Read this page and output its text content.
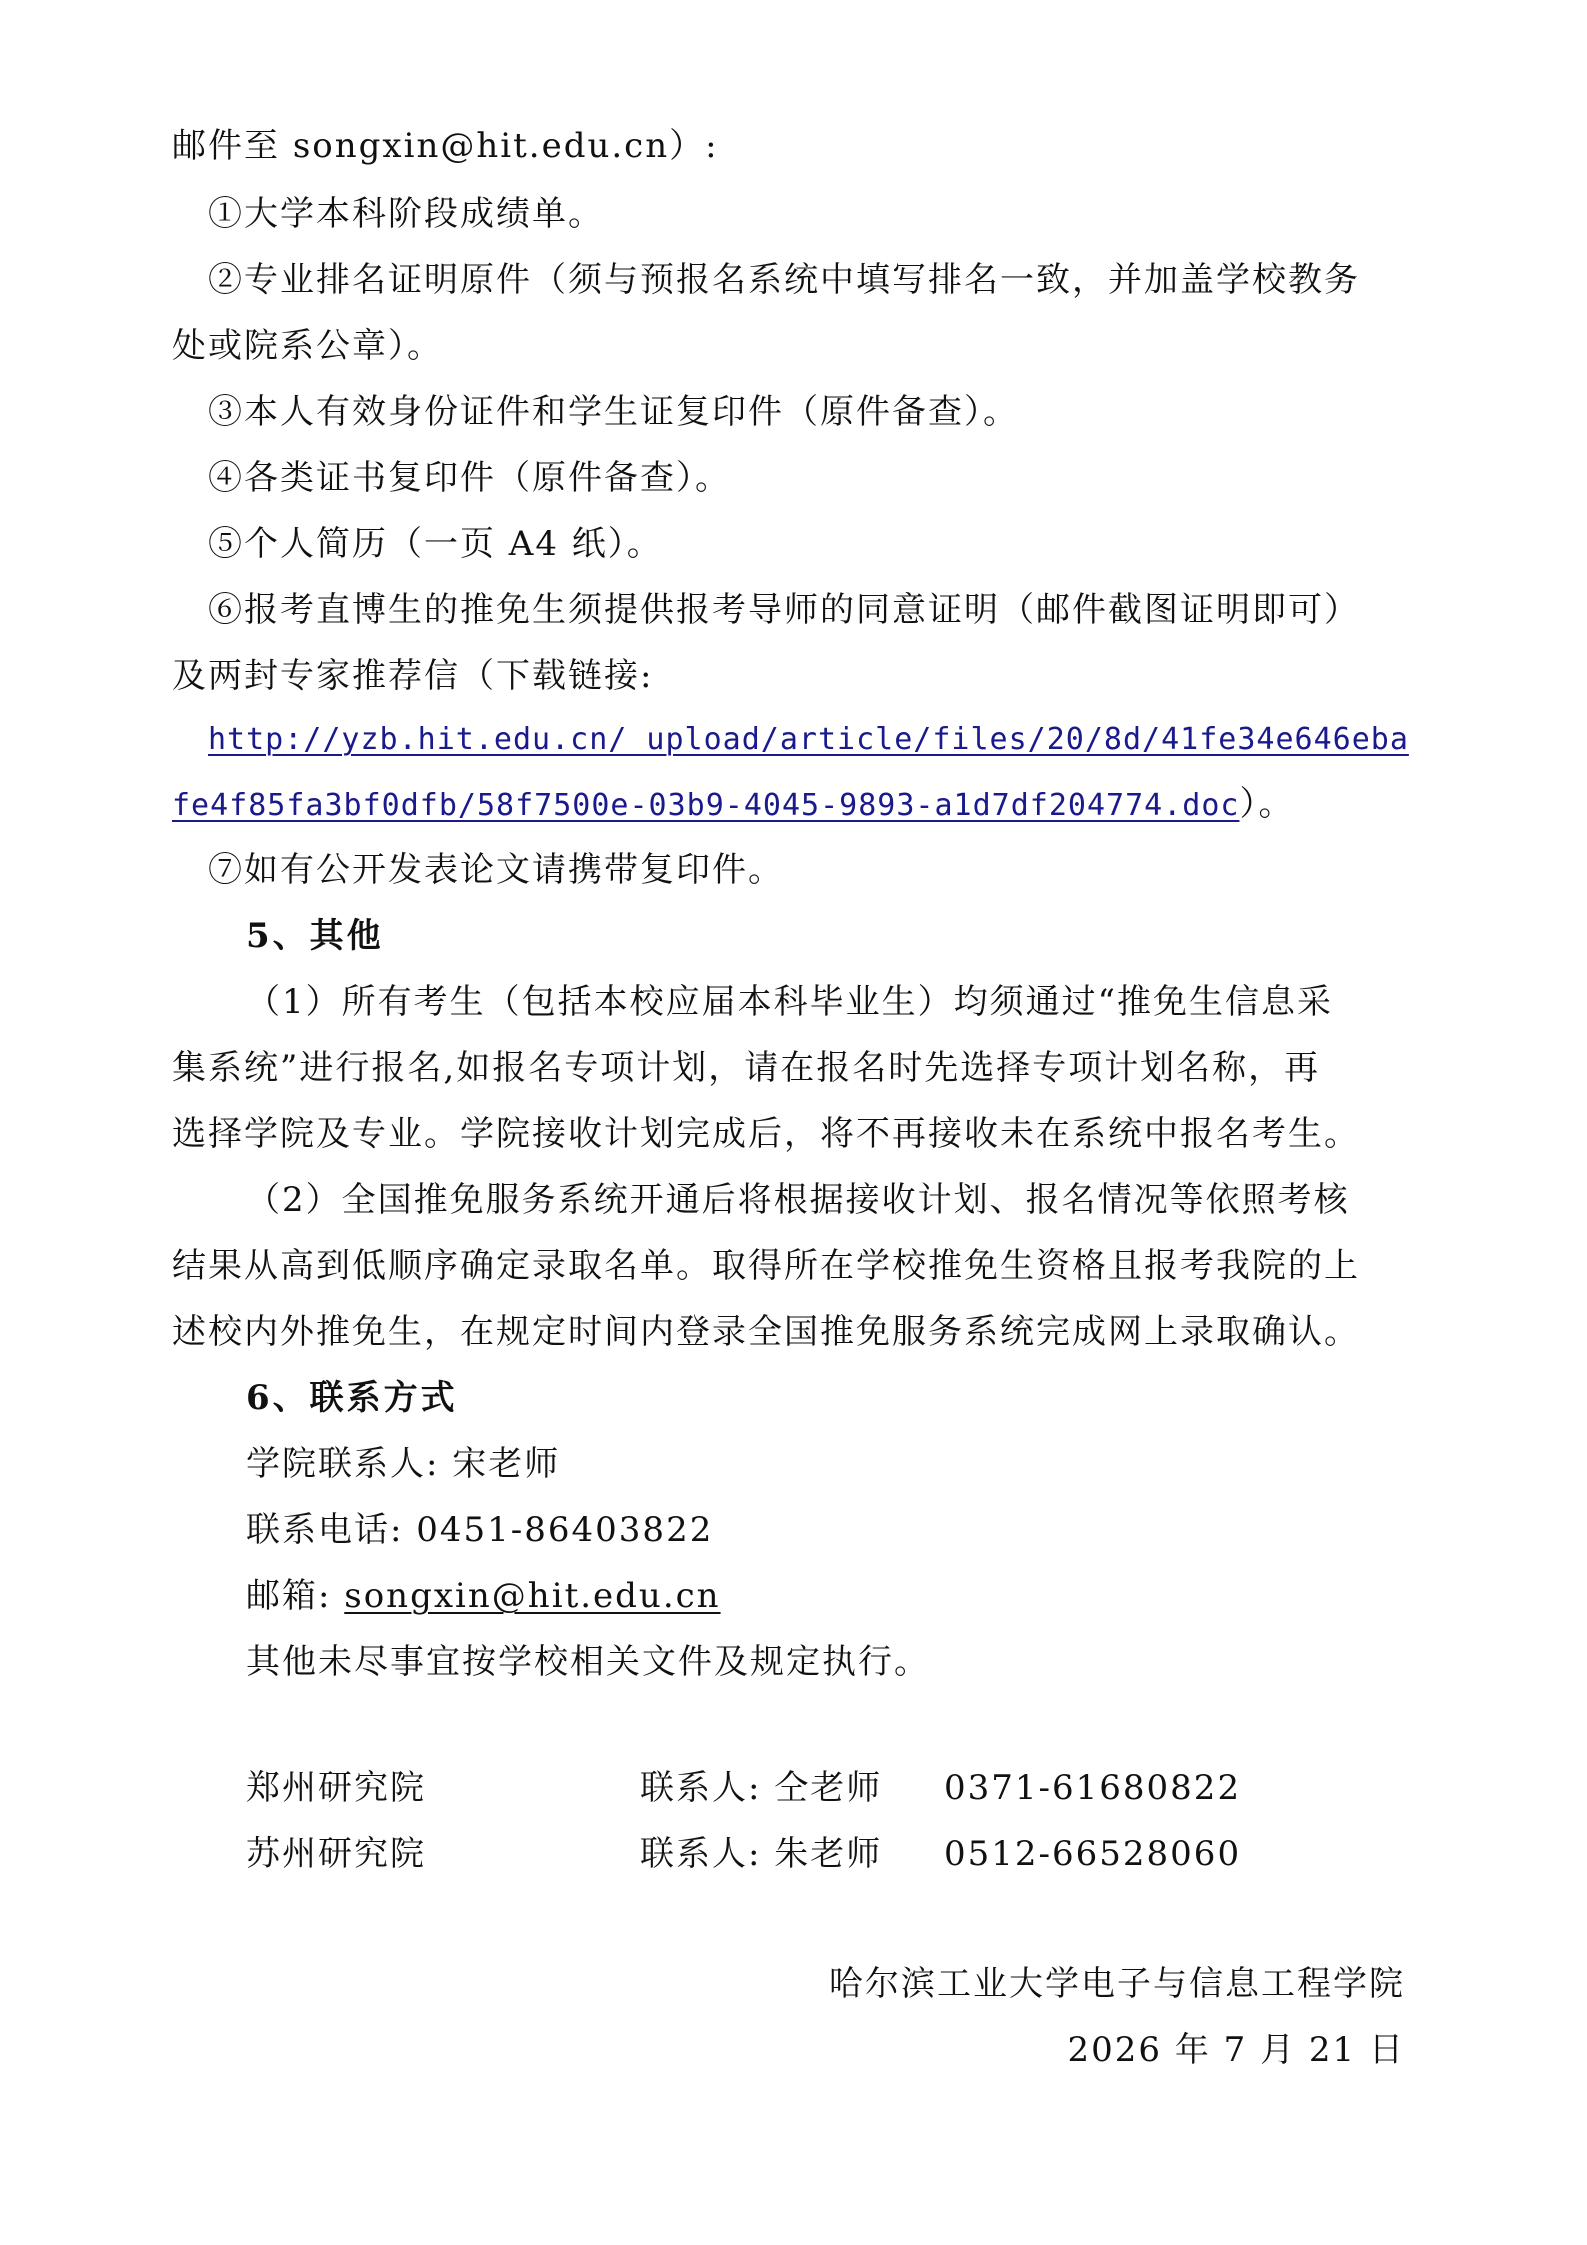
邮件至 songxin@hit.edu.cn）:
①大学本科阶段成绩单。
②专业排名证明原件（须与预报名系统中填写排名一致，并加盖学校教务
处或院系公章）。
③本人有效身份证件和学生证复印件（原件备查）。
④各类证书复印件（原件备查）。
⑤个人简历（一页 A4 纸）。
⑥报考直博生的推免生须提供报考导师的同意证明（邮件截图证明即可）
及两封专家推荐信（下载链接:
http://yzb.hit.edu.cn/_upload/article/files/20/8d/41fe34e646eba
fe4f85fa3bf0dfb/58f7500e-03b9-4045-9893-a1d7df204774.doc）。
⑦如有公开发表论文请携带复印件。
5、其他
（1）所有考生（包括本校应届本科毕业生）均须通过“推免生信息采
集系统”进行报名,如报名专项计划，请在报名时先选择专项计划名称，再
选择学院及专业。学院接收计划完成后，将不再接收未在系统中报名考生。
（2）全国推免服务系统开通后将根据接收计划、报名情况等依照考核
结果从高到低顺序确定录取名单。取得所在学校推免生资格且报考我院的上
述校内外推免生，在规定时间内登录全国推免服务系统完成网上录取确认。
6、联系方式
学院联系人: 宋老师
联系电话: 0451-86403822
邮箱: songxin@hit.edu.cn
其他未尽事宜按学校相关文件及规定执行。
郑州研究院	联系人: 仝老师 0371-61680822
苏州研究院	联系人: 朱老师 0512-66528060
哈尔滨工业大学电子与信息工程学院
2026 年 7 月 21 日
